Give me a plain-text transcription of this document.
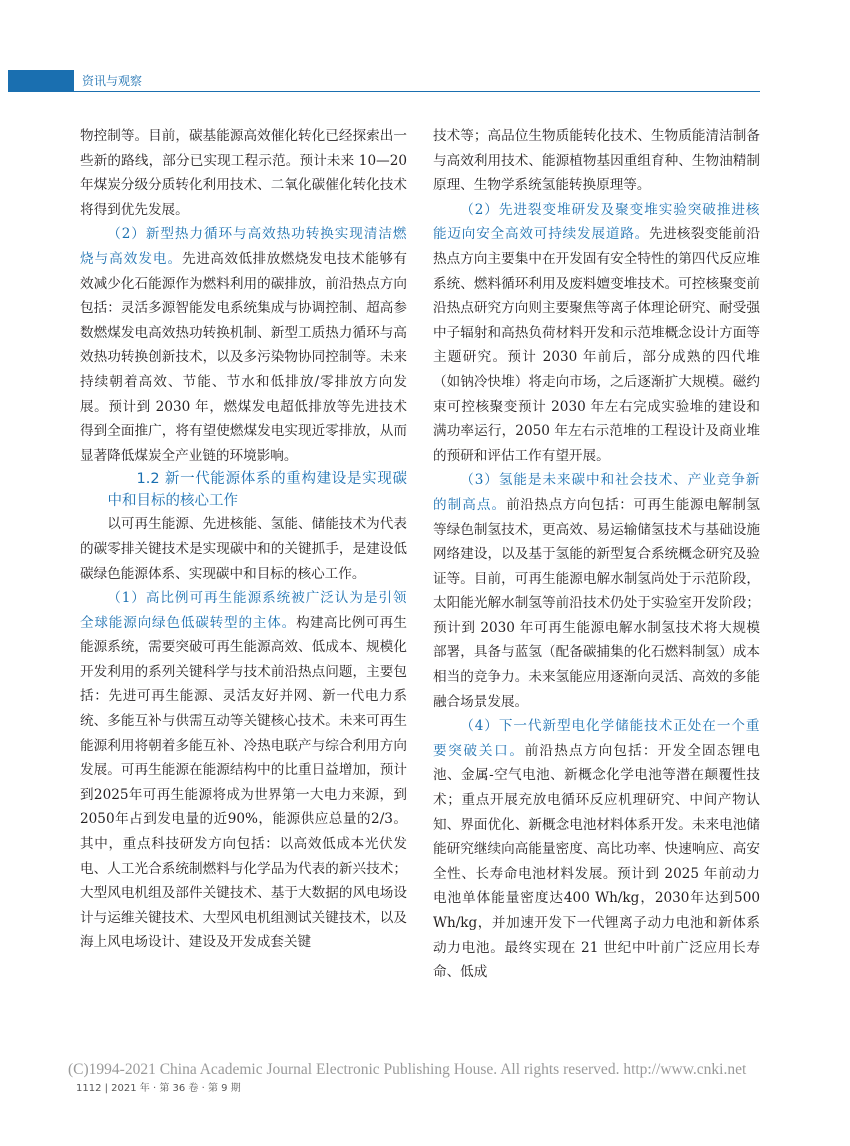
资讯与观察

物控制等。目前，碳基能源高效催化转化已经探索出一些新的路线，部分已实现工程示范。预计未来 10—20年煤炭分级分质转化利用技术、二氧化碳催化转化技术将得到优先发展。

（2）新型热力循环与高效热功转换实现清洁燃烧与高效发电。先进高效低排放燃烧发电技术能够有效减少化石能源作为燃料利用的碳排放，前沿热点方向包括：灵活多源智能发电系统集成与协调控制、超高参数燃煤发电高效热功转换机制、新型工质热力循环与高效热功转换创新技术，以及多污染物协同控制等。未来持续朝着高效、节能、节水和低排放/零排放方向发展。预计到 2030 年，燃煤发电超低排放等先进技术得到全面推广，将有望使燃煤发电实现近零排放，从而显著降低煤炭全产业链的环境影响。

1.2 新一代能源体系的重构建设是实现碳中和目标的核心工作

以可再生能源、先进核能、氢能、储能技术为代表的碳零排关键技术是实现碳中和的关键抓手，是建设低碳绿色能源体系、实现碳中和目标的核心工作。

（1）高比例可再生能源系统被广泛认为是引领全球能源向绿色低碳转型的主体。构建高比例可再生能源系统，需要突破可再生能源高效、低成本、规模化开发利用的系列关键科学与技术前沿热点问题，主要包括：先进可再生能源、灵活友好并网、新一代电力系统、多能互补与供需互动等关键核心技术。未来可再生能源利用将朝着多能互补、冷热电联产与综合利用方向发展。可再生能源在能源结构中的比重日益增加，预计到2025年可再生能源将成为世界第一大电力来源，到2050年占到发电量的近90%，能源供应总量的2/3。其中，重点科技研发方向包括：以高效低成本光伏发电、人工光合系统制燃料与化学品为代表的新兴技术；大型风电机组及部件关键技术、基于大数据的风电场设计与运维关键技术、大型风电机组测试关键技术，以及海上风电场设计、建设及开发成套关键

技术等；高品位生物质能转化技术、生物质能清洁制备与高效利用技术、能源植物基因重组育种、生物油精制原理、生物学系统氢能转换原理等。

（2）先进裂变堆研发及聚变堆实验突破推进核能迈向安全高效可持续发展道路。先进核裂变能前沿热点方向主要集中在开发固有安全特性的第四代反应堆系统、燃料循环利用及废料嬗变堆技术。可控核聚变前沿热点研究方向则主要聚焦等离子体理论研究、耐受强中子辐射和高热负荷材料开发和示范堆概念设计方面等主题研究。预计 2030 年前后，部分成熟的四代堆（如钠冷快堆）将走向市场，之后逐渐扩大规模。磁约束可控核聚变预计 2030 年左右完成实验堆的建设和满功率运行，2050 年左右示范堆的工程设计及商业堆的预研和评估工作有望开展。

（3）氢能是未来碳中和社会技术、产业竞争新的制高点。前沿热点方向包括：可再生能源电解制氢等绿色制氢技术，更高效、易运输储氢技术与基础设施网络建设，以及基于氢能的新型复合系统概念研究及验证等。目前，可再生能源电解水制氢尚处于示范阶段，太阳能光解水制氢等前沿技术仍处于实验室开发阶段；预计到 2030 年可再生能源电解水制氢技术将大规模部署，具备与蓝氢（配备碳捕集的化石燃料制氢）成本相当的竞争力。未来氢能应用逐渐向灵活、高效的多能融合场景发展。

（4）下一代新型电化学储能技术正处在一个重要突破关口。前沿热点方向包括：开发全固态锂电池、金属-空气电池、新概念化学电池等潜在颠覆性技术；重点开展充放电循环反应机理研究、中间产物认知、界面优化、新概念电池材料体系开发。未来电池储能研究继续向高能量密度、高比功率、快速响应、高安全性、长寿命电池材料发展。预计到 2025 年前动力电池单体能量密度达400 Wh/kg，2030年达到500 Wh/kg，并加速开发下一代锂离子动力电池和新体系动力电池。最终实现在 21 世纪中叶前广泛应用长寿命、低成

(C)1994-2021 China Academic Journal Electronic Publishing House. All rights reserved. http://www.cnki.net
1112 | 2021 年 · 第 36 卷 · 第 9 期
